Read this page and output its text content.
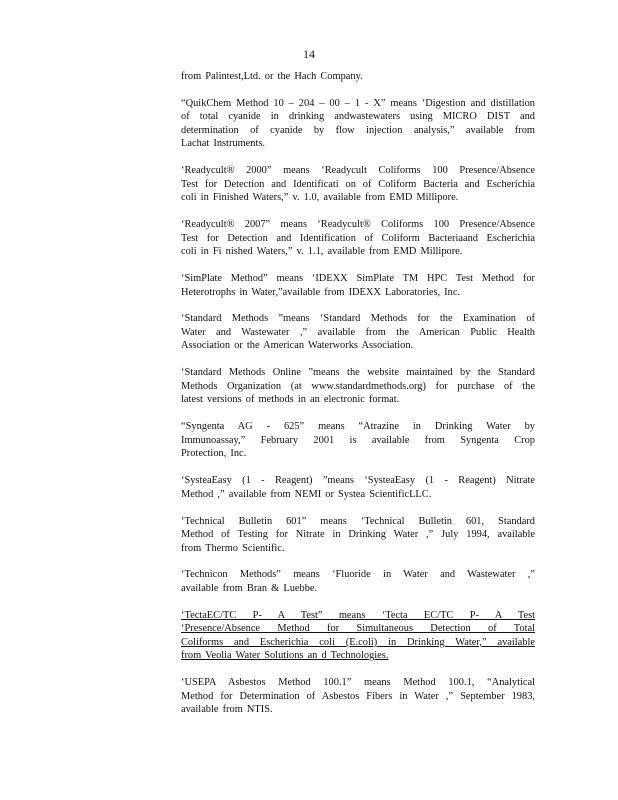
14

from Palintest,Ltd. or the Hach Company.

“QuikChem Method 10 – 204 – 00 – 1 - X” means ‘Digestion and distillation
of total cyanide in drinking andwastewaters using MICRO DIST and
determination of cyanide by flow injection analysis,” available from
Lachat Instruments.

‘Readycult® 2000” means ‘Readycult Coliforms 100 Presence/Absence
Test for Detection and Identificati on of Coliform Bacteria and Escherichia
coli in Finished Waters,” v. 1.0, available from EMD Millipore.

‘Readycult® 2007” means ‘Readycult® Coliforms 100 Presence/Absence
Test for Detection and Identification of Coliform Bacteriaand Escherichia
coli in Fi nished Waters,” v. 1.1, available from EMD Millipore.

‘SimPlate Method” means ‘IDEXX SimPlate TM HPC Test Method for
Heterotrophs in Water,”available from IDEXX Laboratories, Inc.

‘Standard Methods ”means ‘Standard Methods for the Examination of
Water and Wastewater ,” available from the American Public Health
Association or the American Waterworks Association.

‘Standard Methods Online ”means the website maintained by the Standard
Methods Organization (at www.standardmethods.org) for purchase of the
latest versions of methods in an electronic format.

“Syngenta AG - 625” means “Atrazine in Drinking Water by
Immunoassay,” February 2001 is available from Syngenta Crop
Protection, Inc.

‘SysteaEasy (1 - Reagent) ”means ‘SysteaEasy (1 - Reagent) Nitrate
Method ,” available from NEMI or Systea ScientificLLC.

‘Technical Bulletin 601” means ‘Technical Bulletin 601, Standard
Method of Testing for Nitrate in Drinking Water ,” July 1994, available
from Thermo Scientific.

‘Technicon Methods” means ‘Fluoride in Water and Wastewater ,”
available from Bran & Luebbe.

‘TectaEC/TC P- A Test” means ‘Tecta EC/TC P- A Test
‘Presence/Absence Method for Simultaneous Detection of Total
Coliforms and Escherichia coli (E.coli) in Drinking Water,” available
from Veolia Water Solutions an d Technologies.

‘USEPA Asbestos Method 100.1” means Method 100.1, “Analytical
Method for Determination of Asbestos Fibers in Water ,” September 1983,
available from NTIS.
